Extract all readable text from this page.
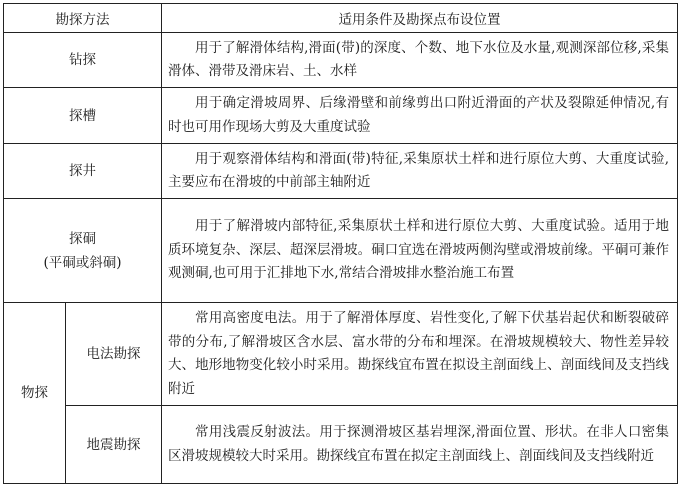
勘探方法		适用条件及勘探点布设位置
钻探		用于了解滑体结构,滑面(带)的深度、个数、地下水位及水量,观测深部位移,采集滑体、滑带及滑床岩、土、水样
探槽		用于确定滑坡周界、后缘滑壁和前缘剪出口附近滑面的产状及裂隙延伸情况,有时也可用作现场大剪及大重度试验
探井		用于观察滑体结构和滑面(带)特征,采集原状土样和进行原位大剪、大重度试验,主要应布在滑坡的中前部主轴附近

探硐
(平硐或斜硐)		用于了解滑坡内部特征,采集原状土样和进行原位大剪、大重度试验。适用于地质环境复杂、深层、超深层滑坡。硐口宜选在滑坡两侧沟壁或滑坡前缘。平硐可兼作观测硐,也可用于汇排地下水,常结合滑坡排水整治施工布置
物探	电法勘探	常用高密度电法。用于了解滑体厚度、岩性变化,了解下伏基岩起伏和断裂破碎带的分布,了解滑坡区含水层、富水带的分布和埋深。在滑坡规模较大、物性差异较大、地形地物变化较小时采用。勘探线宜布置在拟设主剖面线上、剖面线间及支挡线附近
	地震勘探	常用浅震反射波法。用于探测滑坡区基岩埋深,滑面位置、形状。在非人口密集区滑坡规模较大时采用。勘探线宜布置在拟定主剖面线上、剖面线间及支挡线附近
